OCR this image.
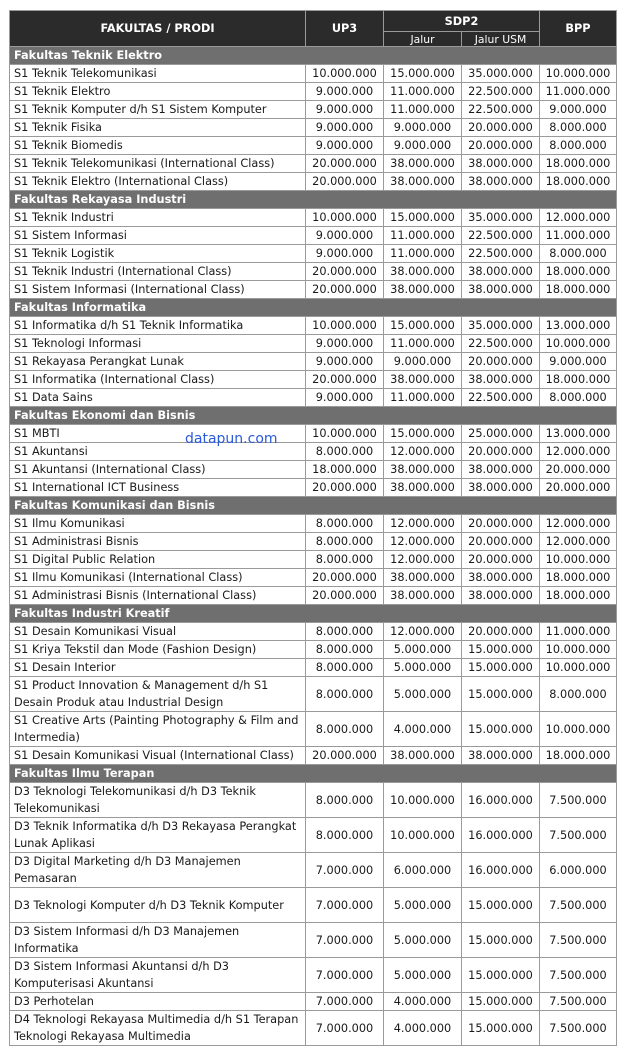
FAKULTAS / PRODI	UP3	SDP2		BPP
		Jalur	Jalur USM	
Fakultas Teknik Elektro				
S1 Teknik Telekomunikasi	10.000.000	15.000.000	35.000.000	10.000.000
S1 Teknik Elektro	9.000.000	11.000.000	22.500.000	11.000.000
S1 Teknik Komputer d/h S1 Sistem Komputer	9.000.000	11.000.000	22.500.000	9.000.000
S1 Teknik Fisika	9.000.000	9.000.000	20.000.000	8.000.000
S1 Teknik Biomedis	9.000.000	9.000.000	20.000.000	8.000.000
S1 Teknik Telekomunikasi (International Class)	20.000.000	38.000.000	38.000.000	18.000.000
S1 Teknik Elektro (International Class)	20.000.000	38.000.000	38.000.000	18.000.000
Fakultas Rekayasa Industri				
S1 Teknik Industri	10.000.000	15.000.000	35.000.000	12.000.000
S1 Sistem Informasi	9.000.000	11.000.000	22.500.000	11.000.000
S1 Teknik Logistik	9.000.000	11.000.000	22.500.000	8.000.000
S1 Teknik Industri (International Class)	20.000.000	38.000.000	38.000.000	18.000.000
S1 Sistem Informasi (International Class)	20.000.000	38.000.000	38.000.000	18.000.000
Fakultas Informatika				
S1 Informatika d/h S1 Teknik Informatika	10.000.000	15.000.000	35.000.000	13.000.000
S1 Teknologi Informasi	9.000.000	11.000.000	22.500.000	10.000.000
S1 Rekayasa Perangkat Lunak	9.000.000	9.000.000	20.000.000	9.000.000
S1 Informatika (International Class)	20.000.000	38.000.000	38.000.000	18.000.000
S1 Data Sains	9.000.000	11.000.000	22.500.000	8.000.000
Fakultas Ekonomi dan Bisnis				
S1 MBTI	10.000.000	15.000.000	25.000.000	13.000.000
S1 Akuntansi	8.000.000	12.000.000	20.000.000	12.000.000
S1 Akuntansi (International Class)	18.000.000	38.000.000	38.000.000	20.000.000
S1 International ICT Business	20.000.000	38.000.000	38.000.000	20.000.000
Fakultas Komunikasi dan Bisnis				
S1 Ilmu Komunikasi	8.000.000	12.000.000	20.000.000	12.000.000
S1 Administrasi Bisnis	8.000.000	12.000.000	20.000.000	12.000.000
S1 Digital Public Relation	8.000.000	12.000.000	20.000.000	10.000.000
S1 Ilmu Komunikasi (International Class)	20.000.000	38.000.000	38.000.000	18.000.000
S1 Administrasi Bisnis (International Class)	20.000.000	38.000.000	38.000.000	18.000.000
Fakultas Industri Kreatif				
S1 Desain Komunikasi Visual	8.000.000	12.000.000	20.000.000	11.000.000
S1 Kriya Tekstil dan Mode (Fashion Design)	8.000.000	5.000.000	15.000.000	10.000.000
S1 Desain Interior	8.000.000	5.000.000	15.000.000	10.000.000
S1 Product Innovation & Management d/h S1 Desain Produk atau Industrial Design	8.000.000	5.000.000	15.000.000	8.000.000
S1 Creative Arts (Painting Photography & Film and Intermedia)	8.000.000	4.000.000	15.000.000	10.000.000
S1 Desain Komunikasi Visual (International Class)	20.000.000	38.000.000	38.000.000	18.000.000
Fakultas Ilmu Terapan				
D3 Teknologi Telekomunikasi d/h D3 Teknik Telekomunikasi	8.000.000	10.000.000	16.000.000	7.500.000
D3 Teknik Informatika d/h D3 Rekayasa Perangkat Lunak Aplikasi	8.000.000	10.000.000	16.000.000	7.500.000
D3 Digital Marketing d/h D3 Manajemen Pemasaran	7.000.000	6.000.000	16.000.000	6.000.000
D3 Teknologi Komputer d/h D3 Teknik Komputer	7.000.000	5.000.000	15.000.000	7.500.000
D3 Sistem Informasi d/h D3 Manajemen Informatika	7.000.000	5.000.000	15.000.000	7.500.000
D3 Sistem Informasi Akuntansi d/h D3 Komputerisasi Akuntansi	7.000.000	5.000.000	15.000.000	7.500.000
D3 Perhotelan	7.000.000	4.000.000	15.000.000	7.500.000
D4 Teknologi Rekayasa Multimedia d/h S1 Terapan Teknologi Rekayasa Multimedia	7.000.000	4.000.000	15.000.000	7.500.000
datapun.com
